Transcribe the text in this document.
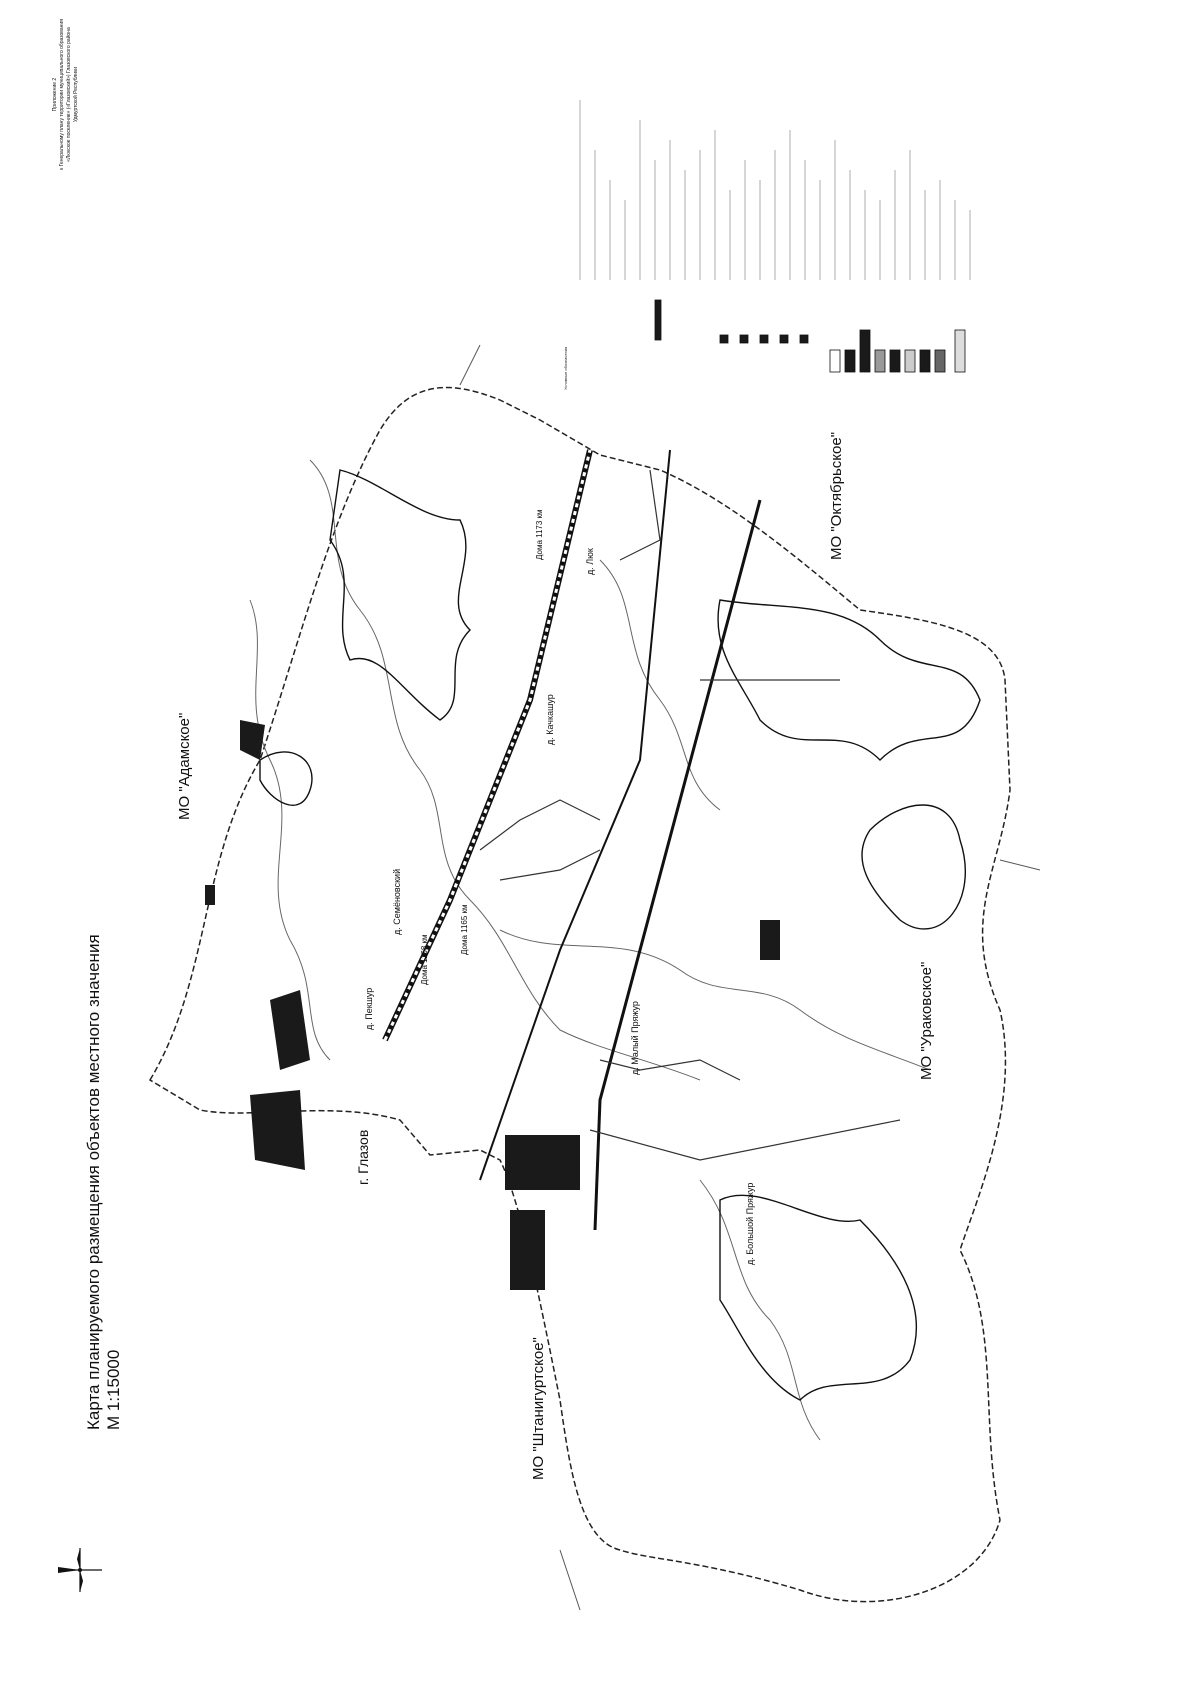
Карта планируемого размещения объектов местного значения М 1:15000
Приложение 2 к Генеральному плану территории муниципального образования «Люкское поселение» («Глазовский») Глазовского района Удмуртской Республики
Условные обозначения
МО "Адамское"
МО "Октябрьское"
МО "Ураковское"
МО "Штанигуртское"
г. Глазов
д. Семёновский
д. Качкашур
д. Люк
д. Пекшур	д. Малый Пряжур
д. Большой Пряжур
Дома 1165 км
Дома 1168 км
Дома 1173 км
